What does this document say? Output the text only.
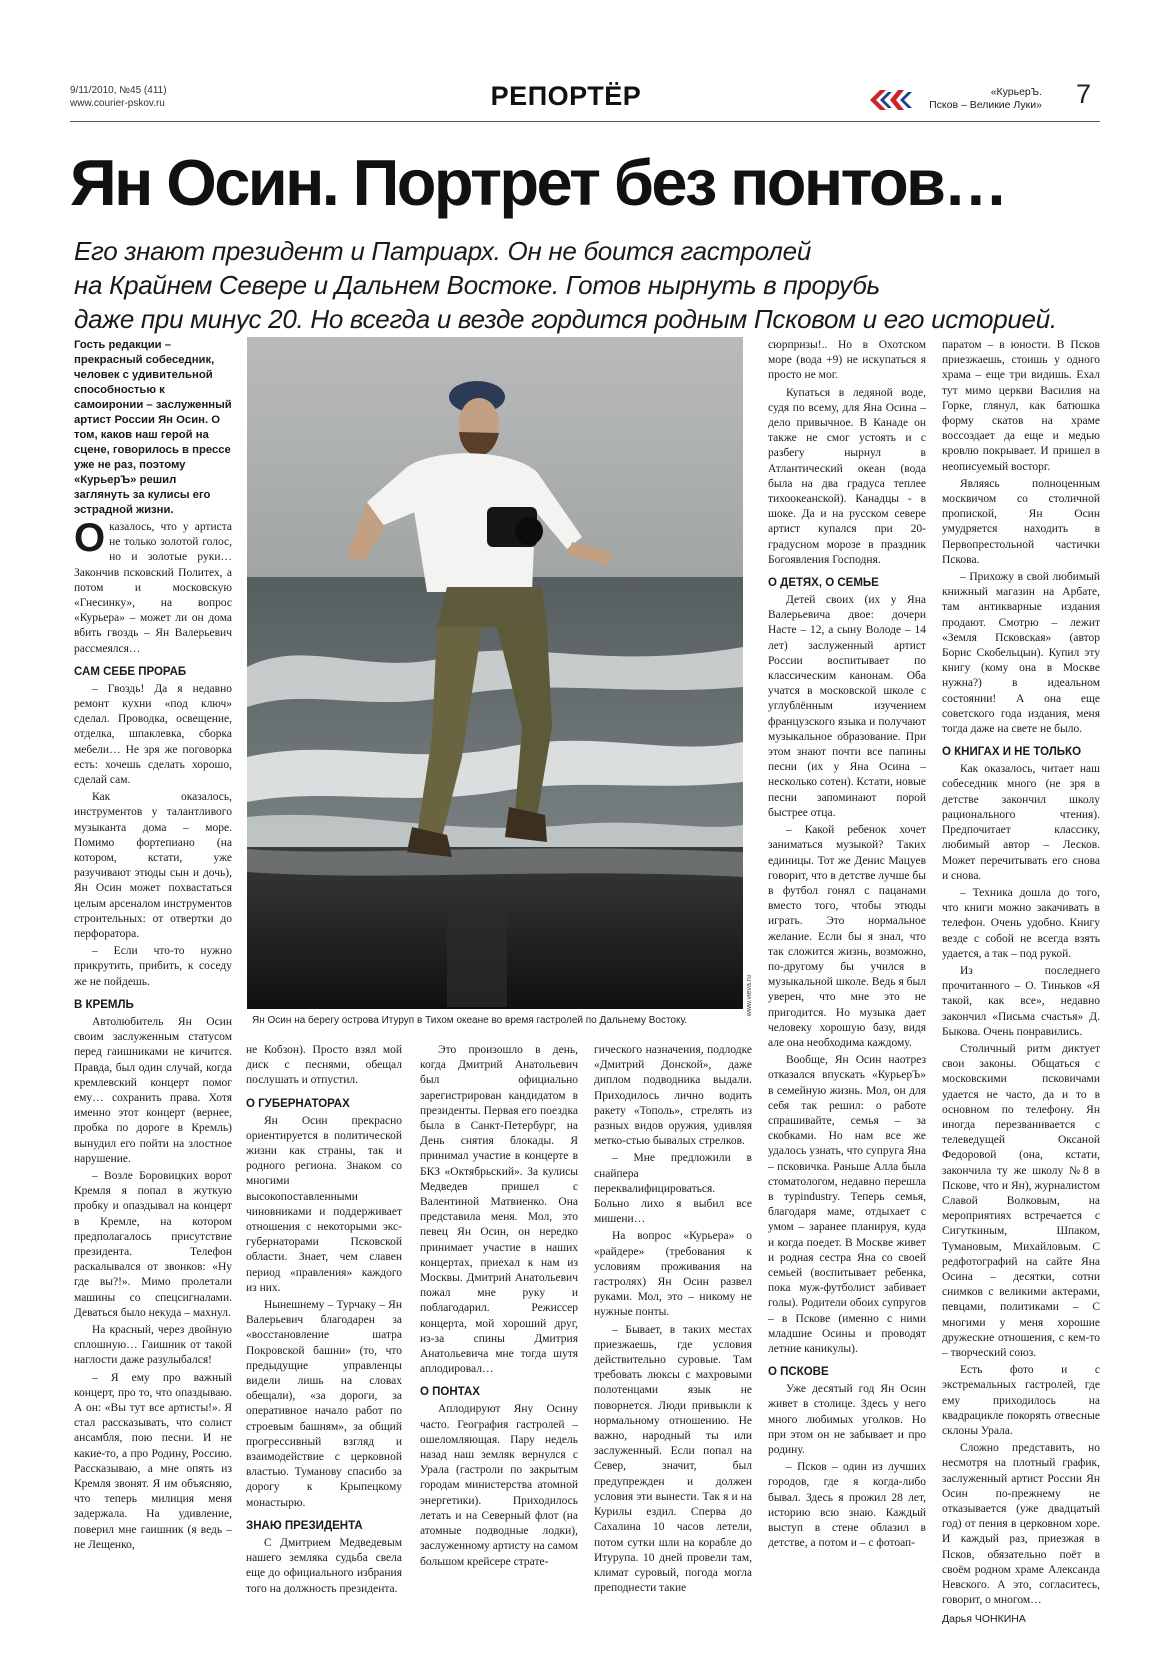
9/11/2010, №45 (411)
www.courier-pskov.ru	РЕПОРТЁР	«КурьерЪ.
Псков – Великие Луки» 7
Ян Осин. Портрет без понтов…
Его знают президент и Патриарх. Он не боится гастролей
на Крайнем Севере и Дальнем Востоке. Готов нырнуть в прорубь
даже при минус 20. Но всегда и везде гордится родным Псковом и его историей.

Гость редакции – прекрасный собеседник, человек с удивительной способностью к самоиронии – заслуженный артист России Ян Осин. О том, каков наш герой на сцене, говорилось в прессе уже не раз, поэтому «КурьерЪ» решил заглянуть за кулисы его эстрадной жизни.

Оказалось, что у артиста не только золотой голос, но и золотые руки… Закончив псковский Политех, а потом и московскую «Гнесинку», на вопрос «Курьера» – может ли он дома вбить гвоздь – Ян Валерьевич рассмеялся…

САМ СЕБЕ ПРОРАБ

– Гвоздь! Да я недавно ремонт кухни «под ключ» сделал. Проводка, освещение, отделка, шпаклевка, сборка мебели… Не зря же поговорка есть: хочешь сделать хорошо, сделай сам.

Как оказалось, инструментов у талантливого музыканта дома – море. Помимо фортепиано (на котором, кстати, уже разучивают этюды сын и дочь), Ян Осин может похвастаться целым арсеналом инструментов строительных: от отвертки до перфоратора.

– Если что-то нужно прикрутить, прибить, к соседу же не пойдешь.

В КРЕМЛЬ

Автолюбитель Ян Осин своим заслуженным статусом перед гаишниками не кичится. Правда, был один случай, когда кремлевский концерт помог ему… сохранить права. Хотя именно этот концерт (вернее, пробка по дороге в Кремль) вынудил его пойти на злостное нарушение.

– Возле Боровицких ворот Кремля я попал в жуткую пробку и опаздывал на концерт в Кремле, на котором предполагалось присутствие президента. Телефон раскалывался от звонков: «Ну где вы?!». Мимо пролетали машины со спецсигналами. Деваться было некуда – махнул.

На красный, через двойную сплошную… Гаишник от такой наглости даже разулыбался!

– Я ему про важный концерт, про то, что опаздываю. А он: «Вы тут все артисты!». Я стал рассказывать, что солист ансамбля, пою песни. И не какие-то, а про Родину, Россию. Рассказываю, а мне опять из Кремля звонят. Я им объясняю, что теперь милиция меня задержала. На удивление, поверил мне гаишник (я ведь – не Лещенко,

www.vieva.ru
Ян Осин на берегу острова Итуруп в Тихом океане во время гастролей по Дальнему Востоку.

не Кобзон). Просто взял мой диск с песнями, обещал послушать и отпустил.

О ГУБЕРНАТОРАХ

Ян Осин прекрасно ориентируется в политической жизни как страны, так и родного региона. Знаком со многими высокопоставленными чиновниками и поддерживает отношения с некоторыми экс-губернаторами Псковской области. Знает, чем славен период «правления» каждого из них.

Нынешнему – Турчаку – Ян Валерьевич благодарен за «восстановление шатра Покровской башни» (то, что предыдущие управленцы видели лишь на словах обещали), «за дороги, за оперативное начало работ по строевым башням», за общий прогрессивный взгляд и взаимодействие с церковной властью. Туманову спасибо за дорогу к Крыпецкому монастырю.

ЗНАЮ ПРЕЗИДЕНТА

С Дмитрием Медведевым нашего земляка судьба свела еще до официального избрания того на должность президента.

Это произошло в день, когда Дмитрий Анатольевич был официально зарегистрирован кандидатом в президенты. Первая его поездка была в Санкт-Петербург, на День снятия блокады. Я принимал участие в концерте в БКЗ «Октябрьский». За кулисы Медведев пришел с Валентиной Матвиенко. Она представила меня. Мол, это певец Ян Осин, он нередко принимает участие в наших концертах, приехал к нам из Москвы. Дмитрий Анатольевич пожал мне руку и поблагодарил. Режиссер концерта, мой хороший друг, из-за спины Дмитрия Анатольевича мне тогда шутя аплодировал…

О ПОНТАХ

Аплодируют Яну Осину часто. География гастролей – ошеломляющая. Пару недель назад наш земляк вернулся с Урала (гастроли по закрытым городам министерства атомной энергетики). Приходилось летать и на Северный флот (на атомные подводные лодки), заслуженному артисту на самом большом крейсере страте-

гического назначения, подлодке «Дмитрий Донской», даже диплом подводника выдали. Приходилось лично водить ракету «Тополь», стрелять из разных видов оружия, удивляя метко-стью бывалых стрелков.

– Мне предложили в снайпера переквалифицироваться. Больно лихо я выбил все мишени…

На вопрос «Курьера» о «райдере» (требования к условиям проживания на гастролях) Ян Осин развел руками. Мол, это – никому не нужные понты.

– Бывает, в таких местах приезжаешь, где условия действительно суровые. Там требовать люксы с махровыми полотенцами язык не поворнется. Люди привыкли к нормальному отношению. Не важно, народный ты или заслуженный. Если попал на Север, значит, был предупрежден и должен условия эти вынести. Так я и на Курилы ездил. Сперва до Сахалина 10 часов летели, потом сутки шли на корабле до Итурупа. 10 дней провели там, климат суровый, погода могла преподнести такие

сюрпризы!.. Но в Охотском море (вода +9) не искупаться я просто не мог.

Купаться в ледяной воде, судя по всему, для Яна Осина – дело привычное. В Канаде он также не смог устоять и с разбегу нырнул в Атлантический океан (вода была на два градуса теплее тихоокеанской). Канадцы - в шоке. Да и на русском севере артист купался при 20-градусном морозе в праздник Богоявления Господня.

О ДЕТЯХ, О СЕМЬЕ

Детей своих (их у Яна Валерьевича двое: дочери Насте – 12, а сыну Володе – 14 лет) заслуженный артист России воспитывает по классическим канонам. Оба учатся в московской школе с углублённым изучением французского языка и получают музыкальное образование. При этом знают почти все папины песни (их у Яна Осина – несколько сотен). Кстати, новые песни запоминают порой быстрее отца.

– Какой ребенок хочет заниматься музыкой? Таких единицы. Тот же Денис Мацуев говорит, что в детстве лучше бы в футбол гонял с пацанами вместо того, чтобы этюды играть. Это нормальное желание. Если бы я знал, что так сложится жизнь, возможно, по-другому бы учился в музыкальной школе. Ведь я был уверен, что мне это не пригодится. Но музыка дает человеку хорошую базу, видя але она необходима каждому.

Вообще, Ян Осин наотрез отказался впускать «КурьерЪ» в семейную жизнь. Мол, он для себя так решил: о работе спрашивайте, семья – за скобками. Но нам все же удалось узнать, что супруга Яна – псковичка. Раньше Алла была стоматологом, недавно перешла в турindustry. Теперь семья, благодаря маме, отдыхает с умом – заранее планируя, куда и когда поедет. В Москве живет и родная сестра Яна со своей семьей (воспитывает ребенка, пока муж-футболист забивает голы). Родители обоих супругов – в Пскове (именно с ними младшие Осины и проводят летние каникулы).

О ПСКОВЕ

Уже десятый год Ян Осин живет в столице. Здесь у него много любимых уголков. Но при этом он не забывает и про родину.

– Псков – один из лучших городов, где я когда-либо бывал. Здесь я прожил 28 лет, историю всю знаю. Каждый выступ в стене облазил в детстве, а потом и – с фотоап-

паратом – в юности. В Псков приезжаешь, стоишь у одного храма – еще три видишь. Ехал тут мимо церкви Василия на Горке, глянул, как батюшка форму скатов на храме воссоздает да еще и медью кровлю покрывает. И пришел в неописуемый восторг.

Являясь полноценным москвичом со столичной пропиской, Ян Осин умудряется находить в Первопрестольной частички Пскова.

– Прихожу в свой любимый книжный магазин на Арбате, там антикварные издания продают. Смотрю – лежит «Земля Псковская» (автор Борис Скобельцын). Купил эту книгу (кому она в Москве нужна?) в идеальном состоянии! А она еще советского года издания, меня тогда даже на свете не было.

О КНИГАХ И НЕ ТОЛЬКО

Как оказалось, читает наш собеседник много (не зря в детстве закончил школу рационального чтения). Предпочитает классику, любимый автор – Лесков. Может перечитывать его снова и снова.

– Техника дошла до того, что книги можно закачивать в телефон. Очень удобно. Книгу везде с собой не всегда взять удается, а так – под рукой.

Из последнего прочитанного – О. Тиньков «Я такой, как все», недавно закончил «Письма счастья» Д. Быкова. Очень понравились.

Столичный ритм диктует свои законы. Общаться с московскими псковичами удается не часто, да и то в основном по телефону. Ян иногда перезванивается с телеведущей Оксаной Федоровой (она, кстати, закончила ту же школу №8 в Пскове, что и Ян), журналистом Славой Волковым, на мероприятиях встречается с Сигуткиным, Шпаком, Тумановым, Михайловым. С редфотографий на сайте Яна Осина – десятки, сотни снимков с великими актерами, певцами, политиками – С многими у меня хорошие дружеские отношения, с кем-то – творческий союз.

Есть фото и с экстремальных гастролей, где ему приходилось на квадрацикле покорять отвесные склоны Урала.

Сложно представить, но несмотря на плотный график, заслуженный артист России Ян Осин по-прежнему не отказывается (уже двадцатый год) от пения в церковном хоре. И каждый раз, приезжая в Псков, обязательно поёт в своём родном храме Александа Невского. А это, согласитесь, говорит, о многом…

Дарья ЧОНКИНА
